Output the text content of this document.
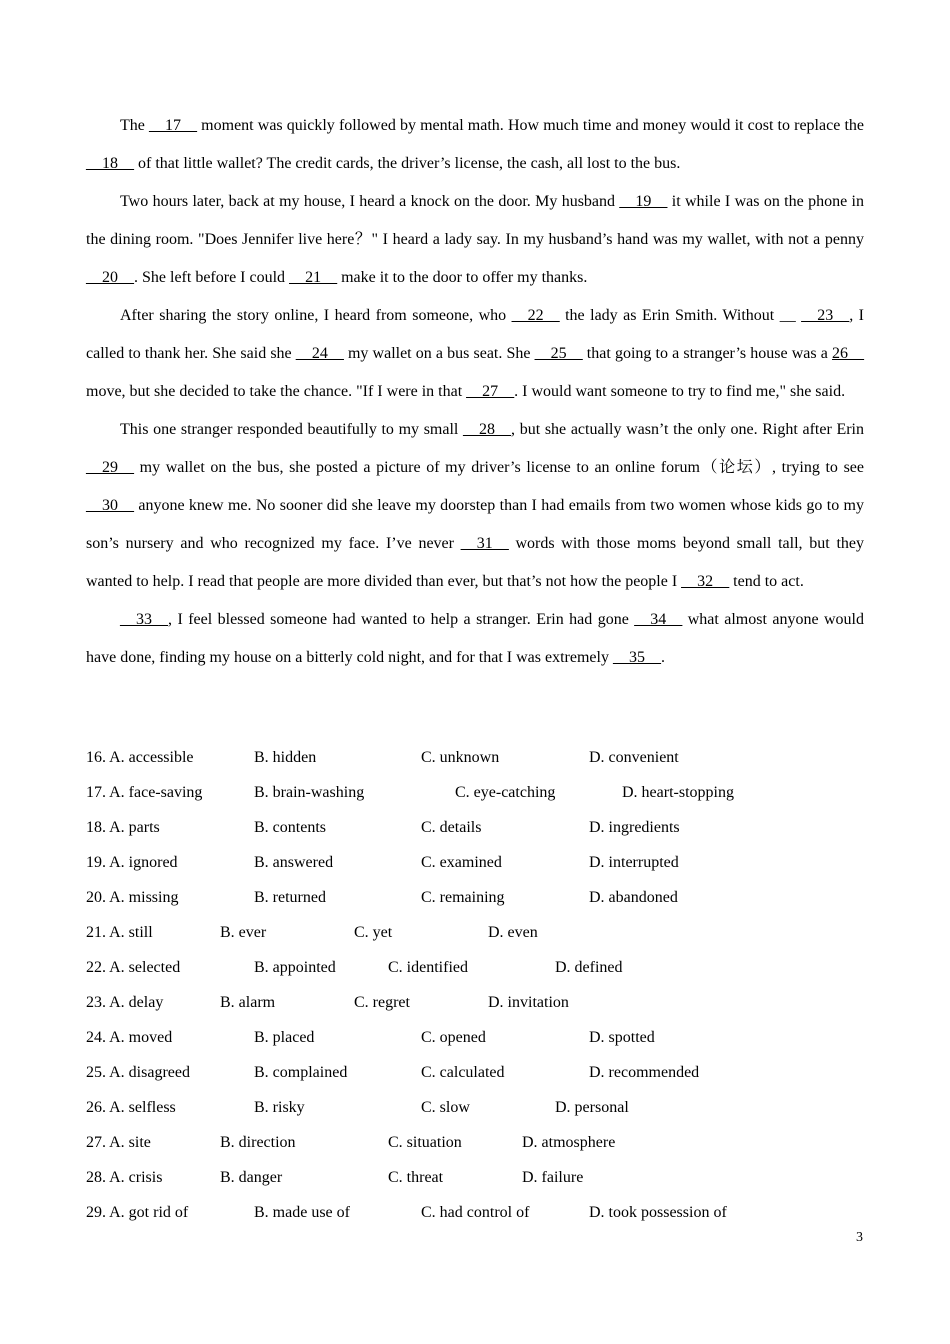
The __17__ moment was quickly followed by mental math. How much time and money would it cost to replace the __18__ of that little wallet? The credit cards, the driver’s license, the cash, all lost to the bus.

Two hours later, back at my house, I heard a knock on the door. My husband __19__ it while I was on the phone in the dining room. "Does Jennifer live here？" I heard a lady say. In my husband’s hand was my wallet, with not a penny __20__. She left before I could __21__ make it to the door to offer my thanks.

After sharing the story online, I heard from someone, who __22__ the lady as Erin Smith. Without __ __23__, I called to thank her. She said she __24__ my wallet on a bus seat. She __25__ that going to a stranger’s house was a 26__ move, but she decided to take the chance. "If I were in that __27__. I would want someone to try to find me," she said.

This one stranger responded beautifully to my small __28__, but she actually wasn’t the only one. Right after Erin __29__ my wallet on the bus, she posted a picture of my driver’s license to an online forum（论坛）, trying to see __30__ anyone knew me. No sooner did she leave my doorstep than I had emails from two women whose kids go to my son’s nursery and who recognized my face. I’ve never __31__ words with those moms beyond small tall, but they wanted to help. I read that people are more divided than ever, but that’s not how the people I __32__ tend to act.

__33__, I feel blessed someone had wanted to help a stranger. Erin had gone __34__ what almost anyone would have done, finding my house on a bitterly cold night, and for that I was extremely __35__.

16. A. accessible	B. hidden	C. unknown	D. convenient
17. A. face-saving	B. brain-washing	C. eye-catching	D. heart-stopping
18. A. parts	B. contents	C. details	D. ingredients
19. A. ignored	B. answered	C. examined	D. interrupted
20. A. missing	B. returned	C. remaining	D. abandoned
21. A. still	B. ever	C. yet	D. even
22. A. selected	B. appointed	C. identified	D. defined
23. A. delay	B. alarm	C. regret	D. invitation
24. A. moved	B. placed	C. opened	D. spotted
25. A. disagreed	B. complained	C. calculated	D. recommended
26. A. selfless	B. risky	C. slow	D. personal
27. A. site	B. direction	C. situation	D. atmosphere
28. A. crisis	B. danger	C. threat	D. failure
29. A. got rid of	B. made use of	C. had control of	D. took possession of
3
